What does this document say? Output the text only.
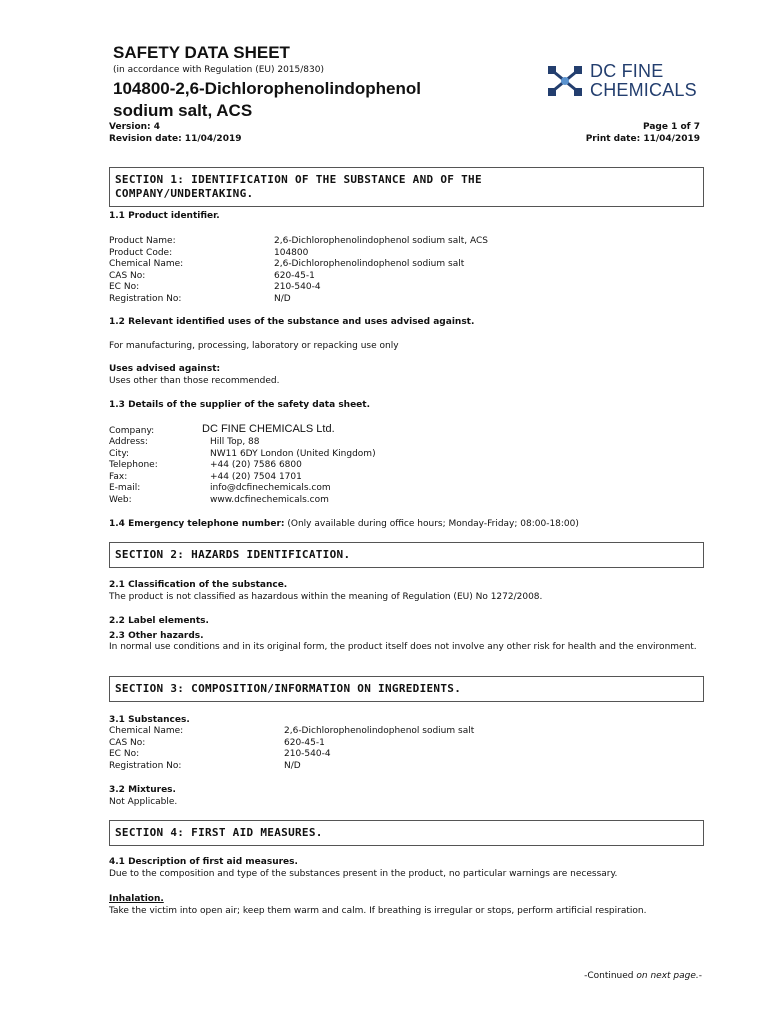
SAFETY DATA SHEET
(in accordance with Regulation (EU) 2015/830)
104800-2,6-Dichlorophenolindophenol
sodium salt, ACS
DC FINE
CHEMICALS
Version: 4
Revision date: 11/04/2019
Page 1 of 7
Print date: 11/04/2019
SECTION 1: IDENTIFICATION OF THE SUBSTANCE AND OF THE
COMPANY/UNDERTAKING.
1.1 Product identifier.
Product Name:	2,6-Dichlorophenolindophenol sodium salt, ACS
Product Code:	104800
Chemical Name:	2,6-Dichlorophenolindophenol sodium salt
CAS No:	620-45-1
EC No:	210-540-4
Registration No:	N/D
1.2 Relevant identified uses of the substance and uses advised against.
For manufacturing, processing, laboratory or repacking use only
Uses advised against:
Uses other than those recommended.
1.3 Details of the supplier of the safety data sheet.
Company:	DC FINE CHEMICALS Ltd.
Address:	Hill Top, 88
City:	NW11 6DY London (United Kingdom)
Telephone:	+44 (20) 7586 6800
Fax:	+44 (20) 7504 1701
E-mail:	info@dcfinechemicals.com
Web:	www.dcfinechemicals.com
1.4 Emergency telephone number: (Only available during office hours; Monday-Friday; 08:00-18:00)
SECTION 2: HAZARDS IDENTIFICATION.
2.1 Classification of the substance.
The product is not classified as hazardous within the meaning of Regulation (EU) No 1272/2008.
2.2 Label elements.
2.3 Other hazards.
In normal use conditions and in its original form, the product itself does not involve any other risk for health and the environment.
SECTION 3: COMPOSITION/INFORMATION ON INGREDIENTS.
3.1 Substances.
Chemical Name:	2,6-Dichlorophenolindophenol sodium salt
CAS No:	620-45-1
EC No:	210-540-4
Registration No:	N/D
3.2 Mixtures.
Not Applicable.
SECTION 4: FIRST AID MEASURES.
4.1 Description of first aid measures.
Due to the composition and type of the substances present in the product, no particular warnings are necessary.
Inhalation.
Take the victim into open air; keep them warm and calm. If breathing is irregular or stops, perform artificial respiration.
-Continued on next page.-
